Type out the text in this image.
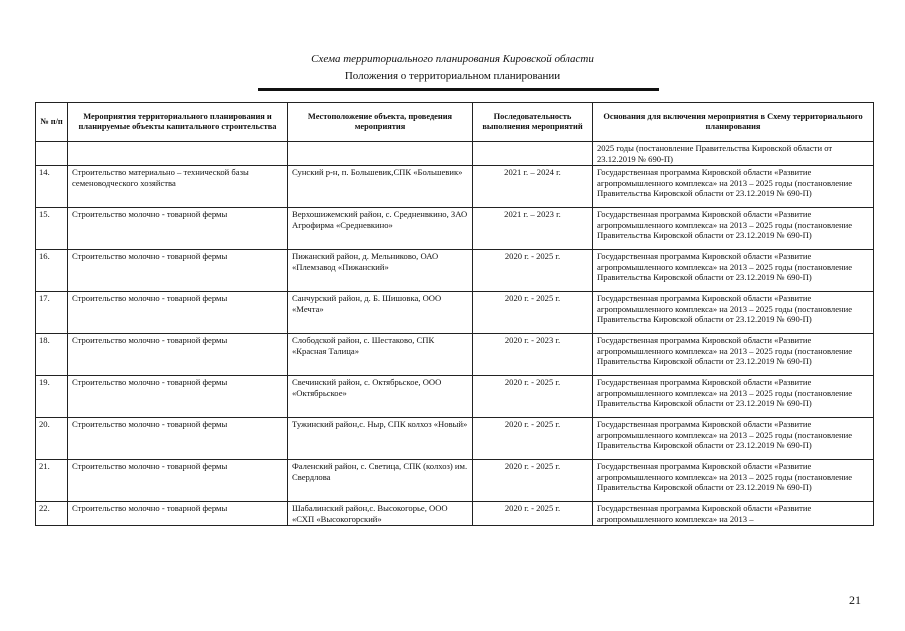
Схема территориального планирования Кировской области
Положения о территориальном планировании
№ п/п	Мероприятия территориального планирования и планируемые объекты капитального строительства	Местоположение объекта, проведения мероприятия	Последовательность выполнения мероприятий	Основания для включения мероприятия в Схему территориального планирования
				2025 годы (постановление Правительства Кировской области от 23.12.2019 № 690-П)
14.	Строительство материально – технической базы семеноводческого хозяйства	Сунский р-н, п. Большевик,СПК «Большевик»	2021 г. – 2024 г.	Государственная программа Кировской области «Развитие агропромышленного комплекса» на 2013 – 2025 годы (постановление Правительства Кировской области от 23.12.2019 № 690-П)
15.	Строительство молочно - товарной фермы	Верхошижемский район, с. Средненвкино, ЗАО Агрофирма «Средневкино»	2021 г. – 2023 г.	Государственная программа Кировской области «Развитие агропромышленного комплекса» на 2013 – 2025 годы (постановление Правительства Кировской области от 23.12.2019 № 690-П)
16.	Строительство молочно - товарной фермы	Пижанский район, д. Мельниково, ОАО «Племзавод «Пижанский»	2020 г. - 2025 г.	Государственная программа Кировской области «Развитие агропромышленного комплекса» на 2013 – 2025 годы (постановление Правительства Кировской области от 23.12.2019 № 690-П)
17.	Строительство молочно - товарной фермы	Санчурский район, д. Б. Шишовка, ООО «Мечта»	2020 г. - 2025 г.	Государственная программа Кировской области «Развитие агропромышленного комплекса» на 2013 – 2025 годы (постановление Правительства Кировской области от 23.12.2019 № 690-П)
18.	Строительство молочно - товарной фермы	Слободской район, с. Шестаково, СПК «Красная Талица»	2020 г. - 2023 г.	Государственная программа Кировской области «Развитие агропромышленного комплекса» на 2013 – 2025 годы (постановление Правительства Кировской области от 23.12.2019 № 690-П)
19.	Строительство молочно - товарной фермы	Свечинский район, с. Октябрьское, ООО «Октябрьское»	2020 г. - 2025 г.	Государственная программа Кировской области «Развитие агропромышленного комплекса» на 2013 – 2025 годы (постановление Правительства Кировской области от 23.12.2019 № 690-П)
20.	Строительство молочно - товарной фермы	Тужинский район,с. Ныр, СПК колхоз «Новый»	2020 г. - 2025 г.	Государственная программа Кировской области «Развитие агропромышленного комплекса» на 2013 – 2025 годы (постановление Правительства Кировской области от 23.12.2019 № 690-П)
21.	Строительство молочно - товарной фермы	Фаленский район, с. Светица, СПК (колхоз) им. Свердлова	2020 г. - 2025 г.	Государственная программа Кировской области «Развитие агропромышленного комплекса» на 2013 – 2025 годы (постановление Правительства Кировской области от 23.12.2019 № 690-П)
22.	Строительство молочно - товарной фермы	Шабалинский район,с. Высокогорье, ООО «СХП «Высокогорский»	2020 г. - 2025 г.	Государственная программа Кировской области «Развитие агропромышленного комплекса» на 2013 –
21
